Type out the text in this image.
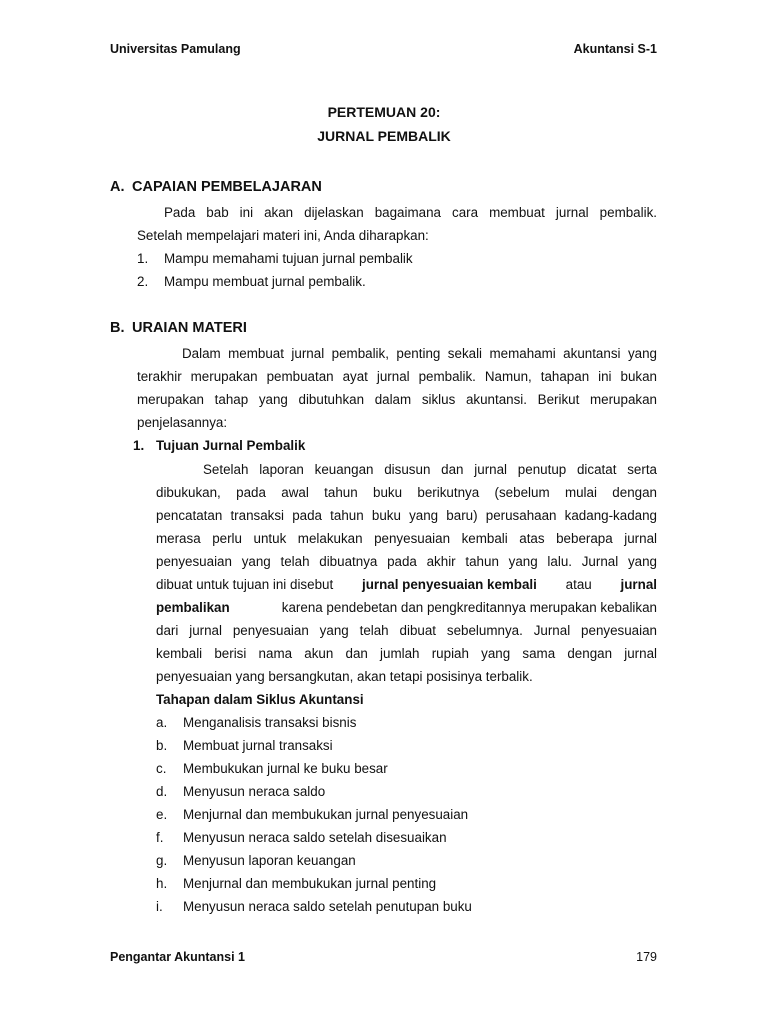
Universitas Pamulang	Akuntansi S-1
PERTEMUAN 20:
JURNAL PEMBALIK
A. CAPAIAN PEMBELAJARAN
Pada bab ini akan dijelaskan bagaimana cara membuat jurnal pembalik.
Setelah mempelajari materi ini, Anda diharapkan:
1. Mampu memahami tujuan jurnal pembalik
2. Mampu membuat jurnal pembalik.
B. URAIAN MATERI
Dalam membuat jurnal pembalik, penting sekali memahami akuntansi yang
terakhir merupakan pembuatan ayat jurnal pembalik. Namun, tahapan ini bukan
merupakan tahap yang dibutuhkan dalam siklus akuntansi. Berikut merupakan
penjelasannya:
1. Tujuan Jurnal Pembalik
Setelah laporan keuangan disusun dan jurnal penutup dicatat serta
dibukukan, pada awal tahun buku berikutnya (sebelum mulai dengan
pencatatan transaksi pada tahun buku yang baru) perusahaan kadang-kadang
merasa perlu untuk melakukan penyesuaian kembali atas beberapa jurnal
penyesuaian yang telah dibuatnya pada akhir tahun yang lalu. Jurnal yang
dibuat untuk tujuan ini disebut jurnal penyesuaian kembali atau jurnal
pembalikan	karena pendebetan dan pengkreditannya merupakan kebalikan
dari jurnal penyesuaian yang telah dibuat sebelumnya. Jurnal penyesuaian
kembali berisi nama akun dan jumlah rupiah yang sama dengan jurnal
penyesuaian yang bersangkutan, akan tetapi posisinya terbalik.
Tahapan dalam Siklus Akuntansi
a. Menganalisis transaksi bisnis
b. Membuat jurnal transaksi
c. Membukukan jurnal ke buku besar
d. Menyusun neraca saldo
e. Menjurnal dan membukukan jurnal penyesuaian
f. Menyusun neraca saldo setelah disesuaikan
g. Menyusun laporan keuangan
h. Menjurnal dan membukukan jurnal penting
i. Menyusun neraca saldo setelah penutupan buku
Pengantar Akuntansi 1	179
